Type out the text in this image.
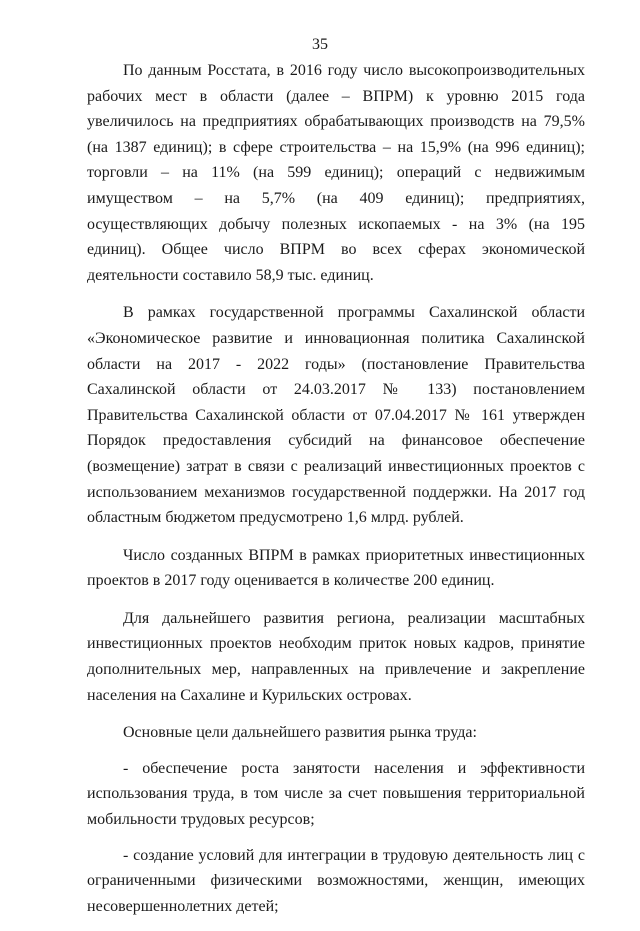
35

По данным Росстата, в 2016 году число высокопроизводительных рабочих мест в области (далее – ВПРМ) к уровню 2015 года увеличилось на предприятиях обрабатывающих производств на 79,5% (на 1387 единиц); в сфере строительства – на 15,9% (на 996 единиц); торговли – на 11% (на 599 единиц); операций с недвижимым имуществом – на 5,7% (на 409 единиц); предприятиях, осуществляющих добычу полезных ископаемых - на 3% (на 195 единиц). Общее число ВПРМ во всех сферах экономической деятельности составило 58,9 тыс. единиц.

В рамках государственной программы Сахалинской области «Экономическое развитие и инновационная политика Сахалинской области на 2017 - 2022 годы» (постановление Правительства Сахалинской области от 24.03.2017 № 133) постановлением Правительства Сахалинской области от 07.04.2017 № 161 утвержден Порядок предоставления субсидий на финансовое обеспечение (возмещение) затрат в связи с реализаций инвестиционных проектов с использованием механизмов государственной поддержки. На 2017 год областным бюджетом предусмотрено 1,6 млрд. рублей.

Число созданных ВПРМ в рамках приоритетных инвестиционных проектов в 2017 году оценивается в количестве 200 единиц.

Для дальнейшего развития региона, реализации масштабных инвестиционных проектов необходим приток новых кадров, принятие дополнительных мер, направленных на привлечение и закрепление населения на Сахалине и Курильских островах.

Основные цели дальнейшего развития рынка труда:

- обеспечение роста занятости населения и эффективности использования труда, в том числе за счет повышения территориальной мобильности трудовых ресурсов;

- создание условий для интеграции в трудовую деятельность лиц с ограниченными физическими возможностями, женщин, имеющих несовершеннолетних детей;
